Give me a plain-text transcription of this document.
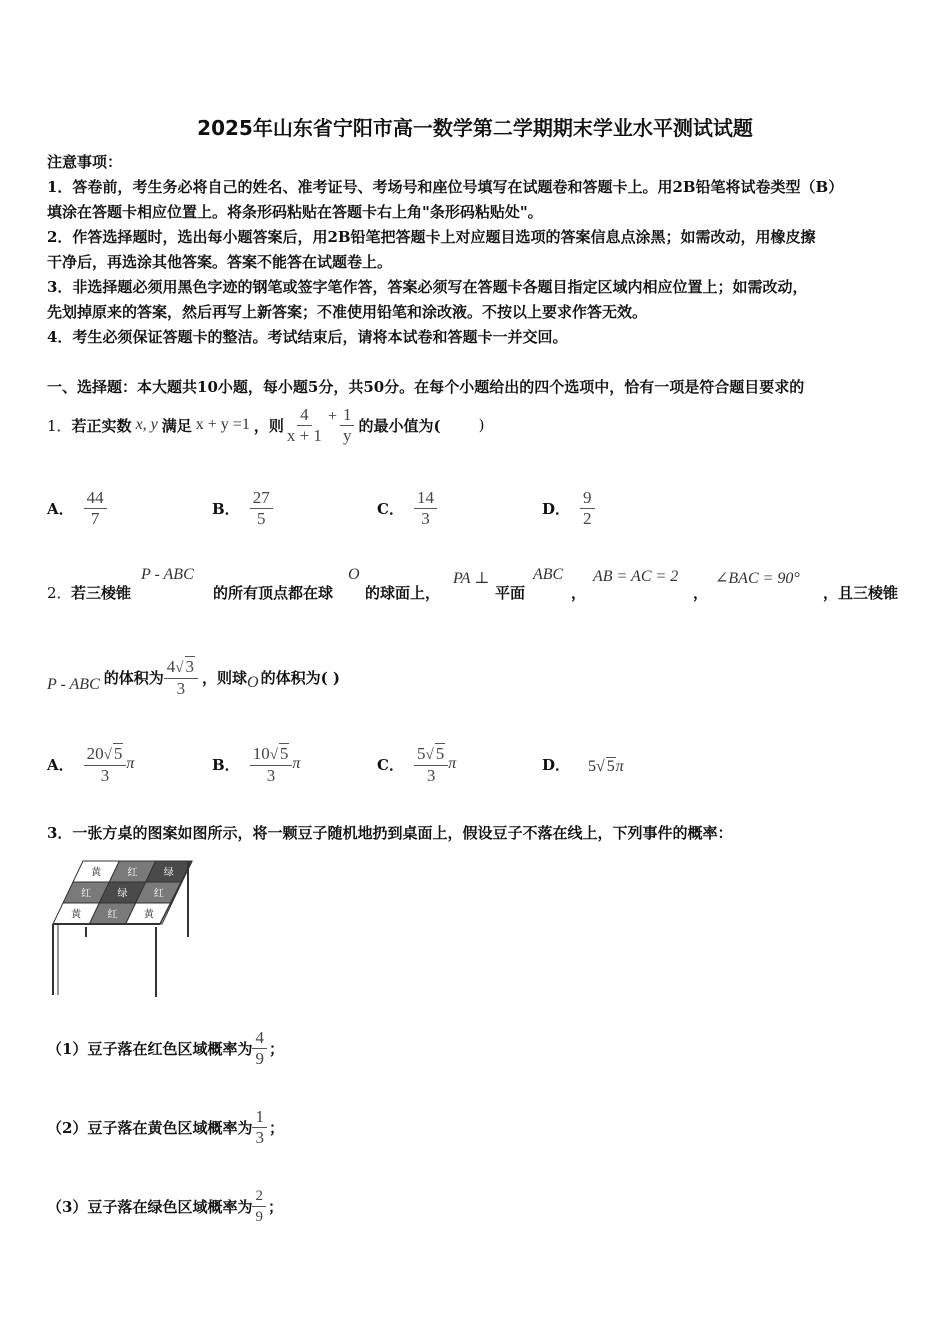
2025年山东省宁阳市高一数学第二学期期末学业水平测试试题
注意事项：
1．答卷前，考生务必将自己的姓名、准考证号、考场号和座位号填写在试题卷和答题卡上。用2B铅笔将试卷类型（B）
填涂在答题卡相应位置上。将条形码粘贴在答题卡右上角"条形码粘贴处"。
2．作答选择题时，选出每小题答案后，用2B铅笔把答题卡上对应题目选项的答案信息点涂黑；如需改动，用橡皮擦
干净后，再选涂其他答案。答案不能答在试题卷上。
3．非选择题必须用黑色字迹的钢笔或签字笔作答，答案必须写在答题卡各题目指定区域内相应位置上；如需改动，
先划掉原来的答案，然后再写上新答案；不准使用铅笔和涂改液。不按以上要求作答无效。
4．考生必须保证答题卡的整洁。考试结束后，请将本试卷和答题卡一并交回。
一、选择题：本大题共10小题，每小题5分，共50分。在每个小题给出的四个选项中，恰有一项是符合题目要求的
1． 若正实数 x, y 满足 x + y =1 ，则 $\frac{4}{x + 1} + \frac{1}{y}$ 的最小值为(	)
A． $\frac{44}{7}$	B． $\frac{27}{5}$	C． $\frac{14}{3}$	D． $\frac{9}{2}$
2． 若三棱锥
P - ABC
的所有顶点都在球
O
的球面上，
PA ⊥
平面
ABC
，
AB = AC = 2
，
∠BAC = 90°
，且三棱锥
P - ABC 的体积为 $\frac{4√ 3}{3}$ ，则球 O 的体积为( )
A． $\frac{20√ 5}{3}$ π	B． $\frac{10√ 5}{3}$ π	C． $\frac{5√ 5}{3}$ π	D． 5√ 5π
3．一张方桌的图案如图所示，将一颗豆子随机地扔到桌面上，假设豆子不落在线上，下列事件的概率：
黄	红	绿
红	绿	红
黄	红	黄
（1）豆子落在红色区域概率为 $\frac{4}{9}$ ；
（2）豆子落在黄色区域概率为 $\frac{1}{3}$ ；
（3）豆子落在绿色区域概率为 $\frac{2}{9}$ ；
